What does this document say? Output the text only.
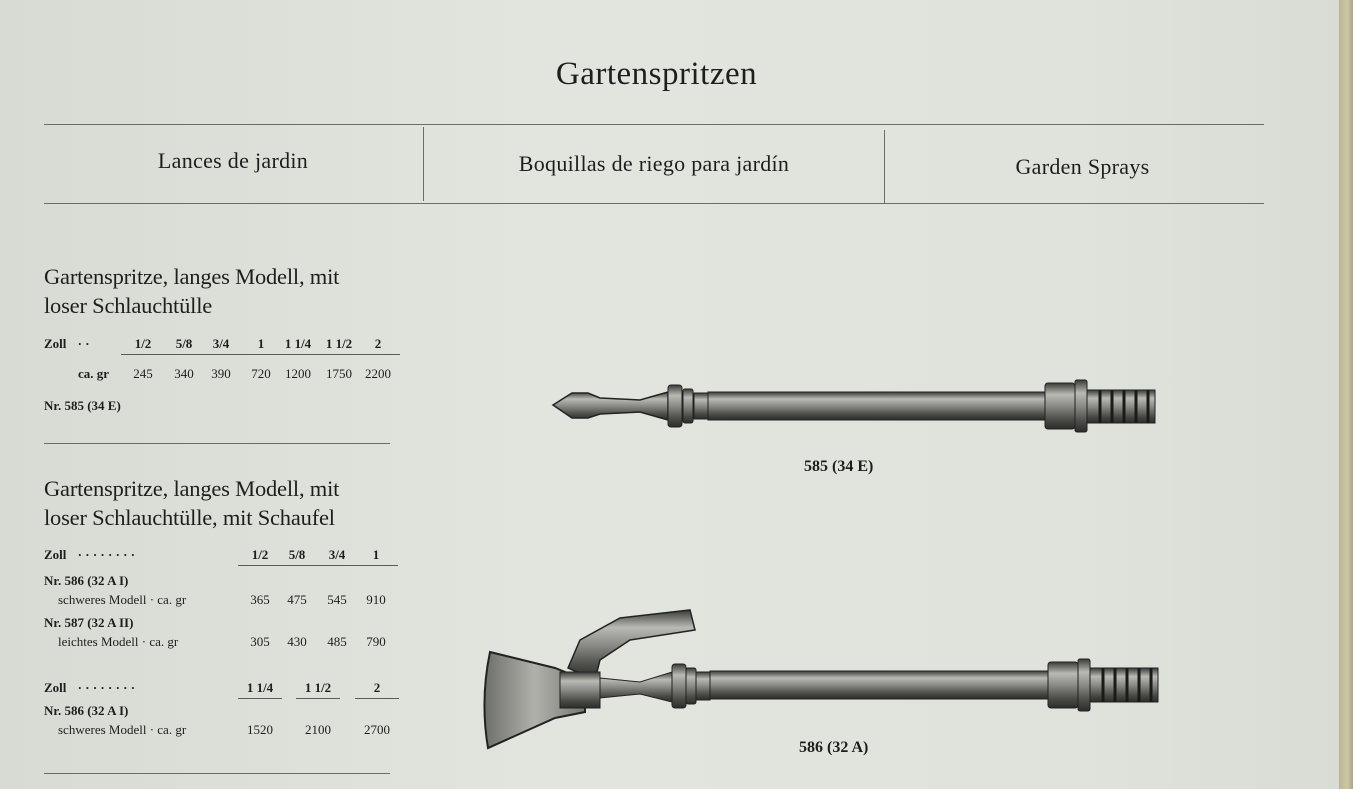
Gartenspritzen
Lances de jardin	Boquillas de riego para jardín	Garden Sprays
Gartenspritze, langes Modell, mit
loser Schlauchtülle
Zoll · ·	1/2	5/8	3/4	1	1 1/4	1 1/2	2
ca. gr	245	340	390	720	1200	1750	2200
Nr. 585 (34 E)
Gartenspritze, langes Modell, mit
loser Schlauchtülle, mit Schaufel
Zoll · · · · · · · ·	1/2	5/8	3/4	1
Nr. 586 (32 A I)
schweres Modell · ca. gr	365	475	545	910
Nr. 587 (32 A II)
leichtes Modell · ca. gr	305	430	485	790
Zoll · · · · · · · ·	1 1/4	1 1/2	2
Nr. 586 (32 A I)
schweres Modell · ca. gr	1520	2100	2700
585 (34 E)
586 (32 A)
